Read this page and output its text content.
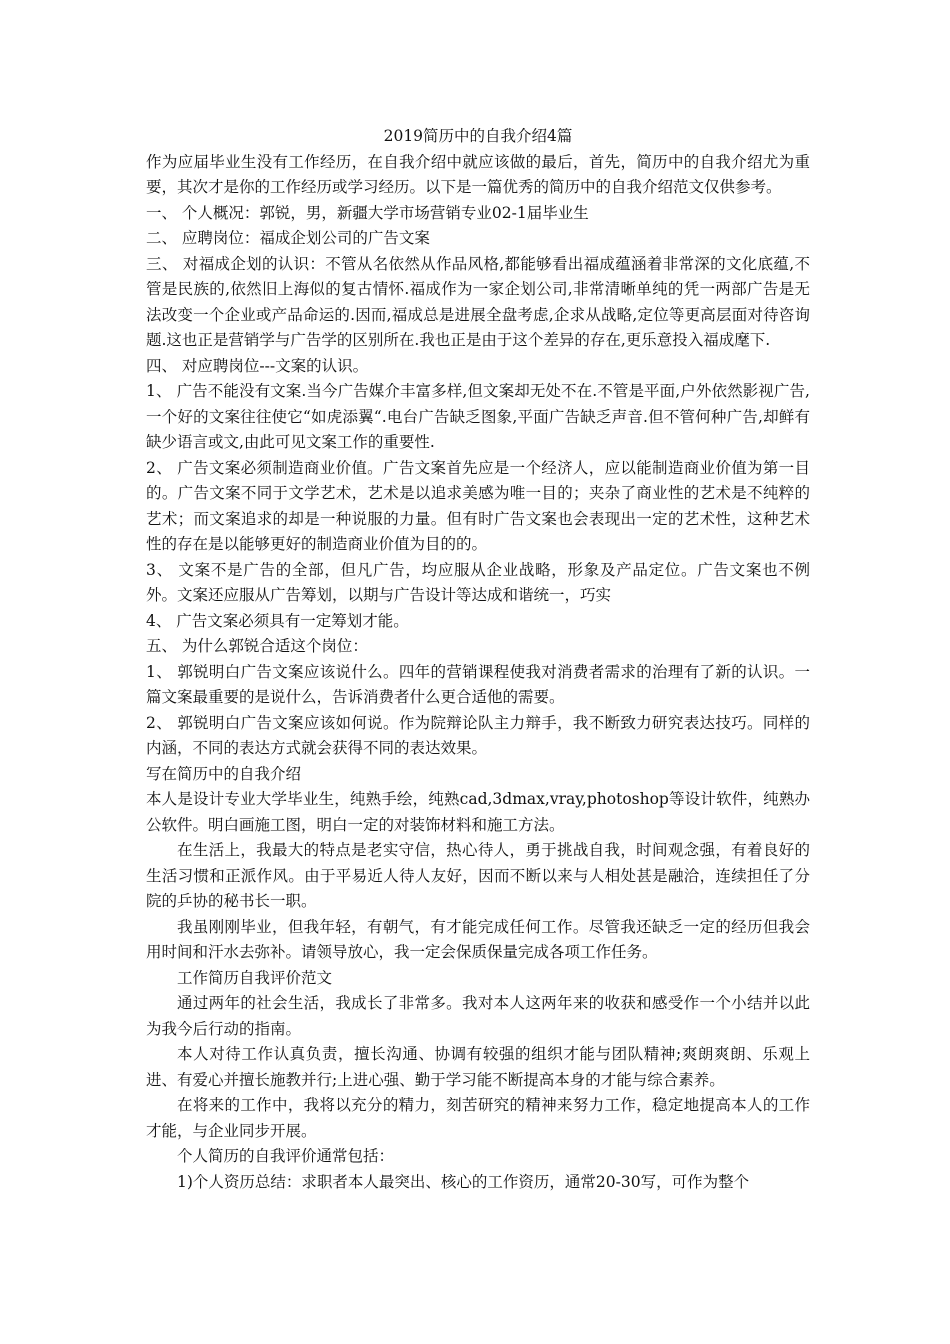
2019简历中的自我介绍4篇

作为应届毕业生没有工作经历，在自我介绍中就应该做的最后，首先，简历中的自我介绍尤为重要，其次才是你的工作经历或学习经历。以下是一篇优秀的简历中的自我介绍范文仅供参考。

一、 个人概况：郭锐，男，新疆大学市场营销专业02-1届毕业生

二、 应聘岗位：福成企划公司的广告文案

三、 对福成企划的认识：不管从名依然从作品风格,都能够看出福成蕴涵着非常深的文化底蕴,不管是民族的,依然旧上海似的复古情怀.福成作为一家企划公司,非常清晰单纯的凭一两部广告是无法改变一个企业或产品命运的.因而,福成总是进展全盘考虑,企求从战略,定位等更高层面对待咨询题.这也正是营销学与广告学的区别所在.我也正是由于这个差异的存在,更乐意投入福成麾下.

四、 对应聘岗位---文案的认识。

1、 广告不能没有文案.当今广告媒介丰富多样,但文案却无处不在.不管是平面,户外依然影视广告,一个好的文案往往使它“如虎添翼“.电台广告缺乏图象,平面广告缺乏声音.但不管何种广告,却鲜有缺少语言或文,由此可见文案工作的重要性.

2、 广告文案必须制造商业价值。广告文案首先应是一个经济人，应以能制造商业价值为第一目的。广告文案不同于文学艺术，艺术是以追求美感为唯一目的；夹杂了商业性的艺术是不纯粹的艺术；而文案追求的却是一种说服的力量。但有时广告文案也会表现出一定的艺术性，这种艺术性的存在是以能够更好的制造商业价值为目的的。

3、 文案不是广告的全部，但凡广告，均应服从企业战略，形象及产品定位。广告文案也不例外。文案还应服从广告筹划，以期与广告设计等达成和谐统一，巧实

4、 广告文案必须具有一定筹划才能。

五、 为什么郭锐合适这个岗位：

1、 郭锐明白广告文案应该说什么。四年的营销课程使我对消费者需求的治理有了新的认识。一篇文案最重要的是说什么，告诉消费者什么更合适他的需要。

2、 郭锐明白广告文案应该如何说。作为院辩论队主力辩手，我不断致力研究表达技巧。同样的内涵，不同的表达方式就会获得不同的表达效果。

写在简历中的自我介绍

本人是设计专业大学毕业生，纯熟手绘，纯熟cad,3dmax,vray,photoshop等设计软件，纯熟办公软件。明白画施工图，明白一定的对装饰材料和施工方法。

在生活上，我最大的特点是老实守信，热心待人，勇于挑战自我，时间观念强，有着良好的生活习惯和正派作风。由于平易近人待人友好，因而不断以来与人相处甚是融洽，连续担任了分院的乒协的秘书长一职。

我虽刚刚毕业，但我年轻，有朝气，有才能完成任何工作。尽管我还缺乏一定的经历但我会用时间和汗水去弥补。请领导放心，我一定会保质保量完成各项工作任务。

工作简历自我评价范文

通过两年的社会生活，我成长了非常多。我对本人这两年来的收获和感受作一个小结并以此为我今后行动的指南。

本人对待工作认真负责，擅长沟通、协调有较强的组织才能与团队精神;爽朗爽朗、乐观上进、有爱心并擅长施教并行;上进心强、勤于学习能不断提高本身的才能与综合素养。

在将来的工作中，我将以充分的精力，刻苦研究的精神来努力工作，稳定地提高本人的工作才能，与企业同步开展。

个人简历的自我评价通常包括：

1)个人资历总结：求职者本人最突出、核心的工作资历，通常20-30写，可作为整个
